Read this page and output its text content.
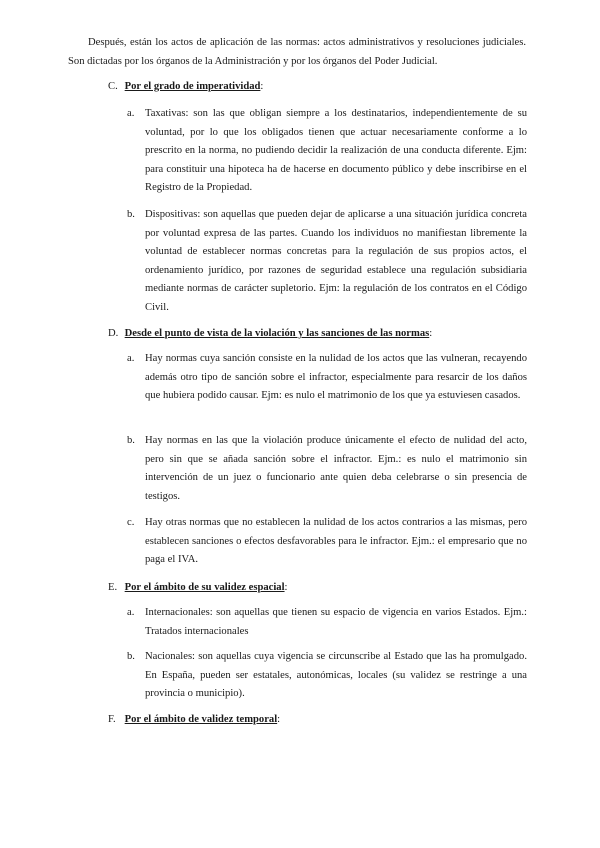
Después, están los actos de aplicación de las normas: actos administrativos y resoluciones judiciales. Son dictadas por los órganos de la Administración y por los órganos del Poder Judicial.

C. Por el grado de imperatividad:

a.	Taxativas: son las que obligan siempre a los destinatarios, independientemente de su voluntad, por lo que los obligados tienen que actuar necesariamente conforme a lo prescrito en la norma, no pudiendo decidir la realización de una conducta diferente. Ejm: para constituir una hipoteca ha de hacerse en documento público y debe inscribirse en el Registro de la Propiedad.
b. Dispositivas: son aquellas que pueden dejar de aplicarse a una situación jurídica concreta por voluntad expresa de las partes. Cuando los individuos no manifiestan libremente la voluntad de establecer normas concretas para la regulación de sus propios actos, el ordenamiento jurídico, por razones de seguridad establece una regulación subsidiaria mediante normas de carácter supletorio. Ejm: la regulación de los contratos en el Código Civil.

D. Desde el punto de vista de la violación y las sanciones de las normas:

a.	Hay normas cuya sanción consiste en la nulidad de los actos que las vulneran, recayendo además otro tipo de sanción sobre el infractor, especialmente para resarcir de los daños que hubiera podido causar. Ejm: es nulo el matrimonio de los que ya estuviesen casados.
b. Hay normas en las que la violación produce únicamente el efecto de nulidad del acto, pero sin que se añada sanción sobre el infractor. Ejm.: es nulo el matrimonio sin intervención de un juez o funcionario ante quien deba celebrarse o sin presencia de testigos.
c.	Hay otras normas que no establecen la nulidad de los actos contrarios a las mismas, pero establecen sanciones o efectos desfavorables para le infractor. Ejm.: el empresario que no paga el IVA.

E. Por el ámbito de su validez espacial:

a.	Internacionales: son aquellas que tienen su espacio de vigencia en varios Estados. Ejm.: Tratados internacionales
b. Nacionales: son aquellas cuya vigencia se circunscribe al Estado que las ha promulgado. En España, pueden ser estatales, autonómicas, locales (su validez se restringe a una provincia o municipio).

F. Por el ámbito de validez temporal:
